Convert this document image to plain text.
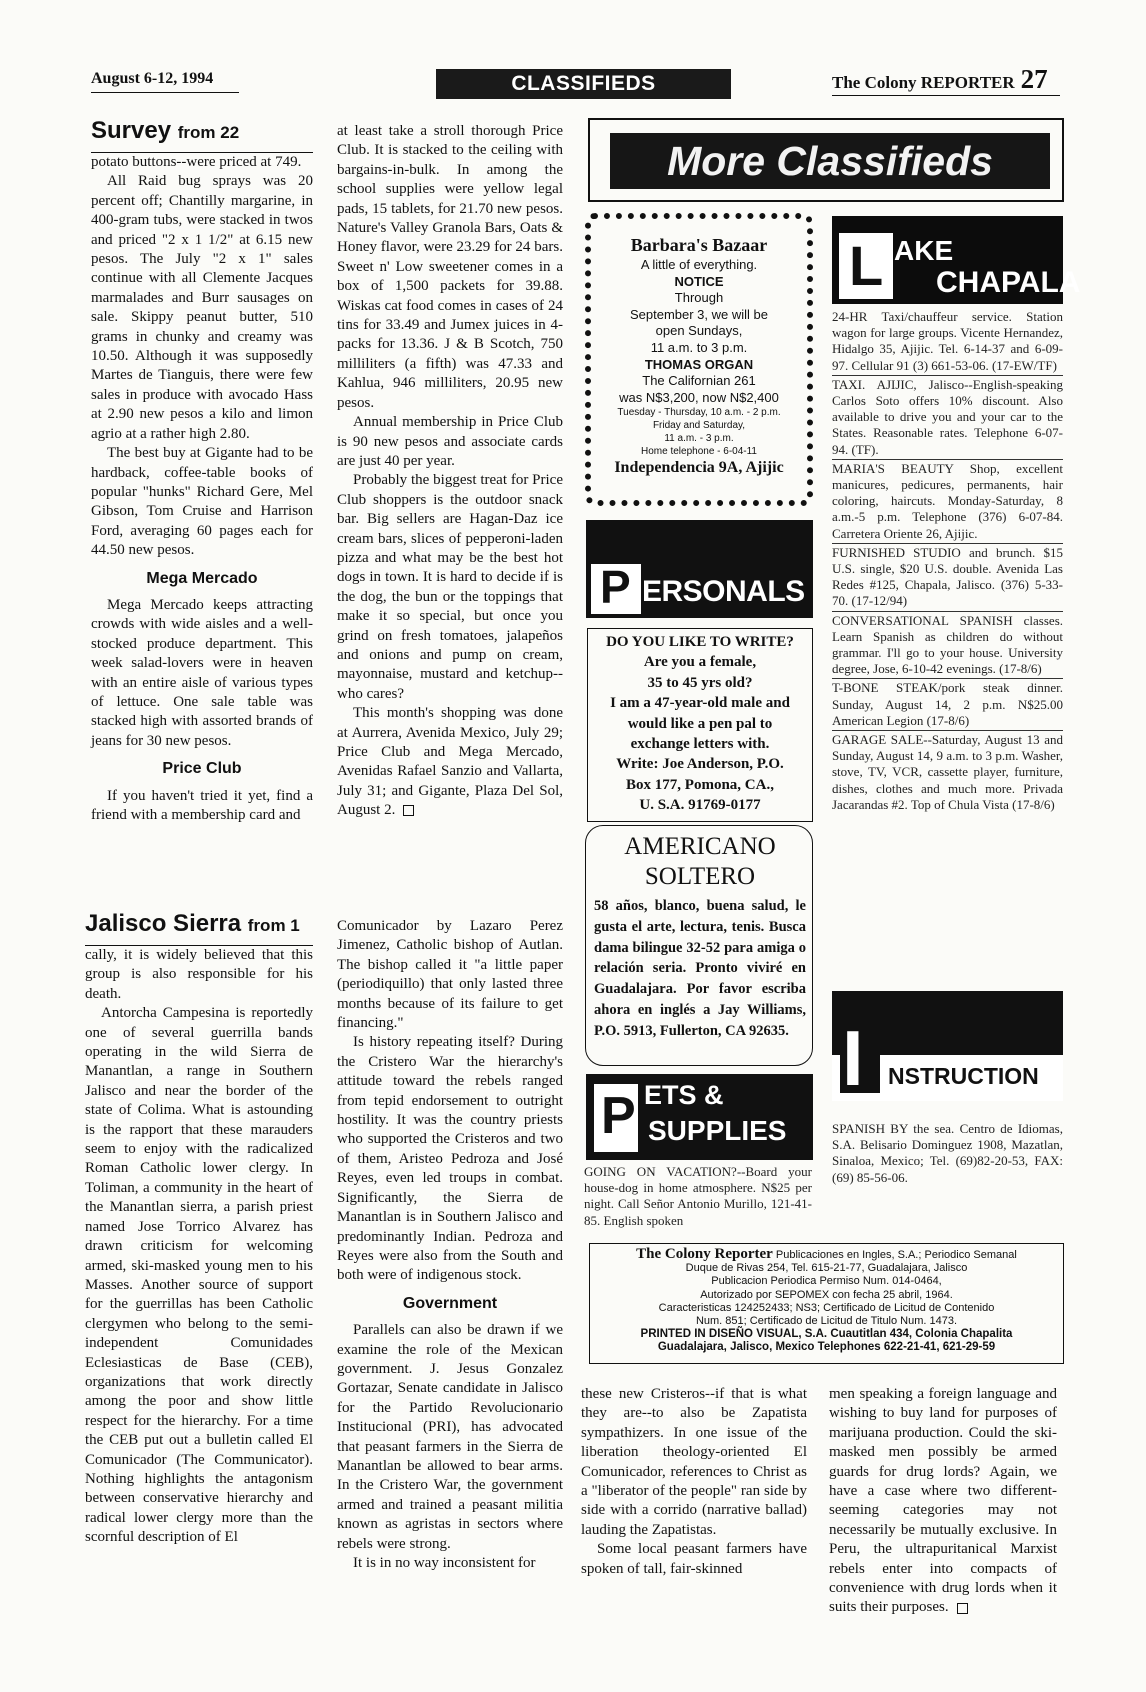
August 6-12, 1994	CLASSIFIEDS	The Colony REPORTER 27
Survey from 22

potato buttons--were priced at 749.

All Raid bug sprays was 20 percent off; Chantilly margarine, in 400-gram tubs, were stacked in twos and priced "2 x 1 1/2" at 6.15 new pesos. The July "2 x 1" sales continue with all Clemente Jacques marmalades and Burr sausages on sale. Skippy peanut butter, 510 grams in chunky and creamy was 10.50. Although it was supposedly Martes de Tianguis, there were few sales in produce with avocado Hass at 2.90 new pesos a kilo and limon agrio at a rather high 2.80.

The best buy at Gigante had to be hardback, coffee-table books of popular "hunks" Richard Gere, Mel Gibson, Tom Cruise and Harrison Ford, averaging 60 pages each for 44.50 new pesos.

Mega Mercado

Mega Mercado keeps attracting crowds with wide aisles and a well-stocked produce department. This week salad-lovers were in heaven with an entire aisle of various types of lettuce. One sale table was stacked high with assorted brands of jeans for 30 new pesos.

Price Club

If you haven't tried it yet, find a friend with a membership card and

at least take a stroll thorough Price Club. It is stacked to the ceiling with bargains-in-bulk. In among the school supplies were yellow legal pads, 15 tablets, for 21.70 new pesos. Nature's Valley Granola Bars, Oats & Honey flavor, were 23.29 for 24 bars. Sweet n' Low sweetener comes in a box of 1,500 packets for 39.88. Wiskas cat food comes in cases of 24 tins for 33.49 and Jumex juices in 4-packs for 13.36. J & B Scotch, 750 milliliters (a fifth) was 47.33 and Kahlua, 946 milliliters, 20.95 new pesos.

Annual membership in Price Club is 90 new pesos and associate cards are just 40 per year.

Probably the biggest treat for Price Club shoppers is the outdoor snack bar. Big sellers are Hagan-Daz ice cream bars, slices of pepperoni-laden pizza and what may be the best hot dogs in town. It is hard to decide if is the dog, the bun or the toppings that make it so special, but once you grind on fresh tomatoes, jalapeños and onions and pump on cream, mayonnaise, mustard and ketchup--who cares?

This month's shopping was done at Aurrera, Avenida Mexico, July 29; Price Club and Mega Mercado, Avenidas Rafael Sanzio and Vallarta, July 31; and Gigante, Plaza Del Sol, August 2.

Jalisco Sierra from 1

cally, it is widely believed that this group is also responsible for his death.

Antorcha Campesina is reportedly one of several guerrilla bands operating in the wild Sierra de Manantlan, a range in Southern Jalisco and near the border of the state of Colima. What is astounding is the rapport that these marauders seem to enjoy with the radicalized Roman Catholic lower clergy. In Toliman, a community in the heart of the Manantlan sierra, a parish priest named Jose Torrico Alvarez has drawn criticism for welcoming armed, ski-masked young men to his Masses. Another source of support for the guerrillas has been Catholic clergymen who belong to the semi-independent Comunidades Eclesiasticas de Base (CEB), organizations that work directly among the poor and show little respect for the hierarchy. For a time the CEB put out a bulletin called El Comunicador (The Communicator). Nothing highlights the antagonism between conservative hierarchy and radical lower clergy more than the scornful description of El

Comunicador by Lazaro Perez Jimenez, Catholic bishop of Autlan. The bishop called it "a little paper (periodiquillo) that only lasted three months because of its failure to get financing."

Is history repeating itself? During the Cristero War the hierarchy's attitude toward the rebels ranged from tepid endorsement to outright hostility. It was the country priests who supported the Cristeros and two of them, Aristeo Pedroza and José Reyes, even led troups in combat. Significantly, the Sierra de Manantlan is in Southern Jalisco and predominantly Indian. Pedroza and Reyes were also from the South and both were of indigenous stock.

Government

Parallels can also be drawn if we examine the role of the Mexican government. J. Jesus Gonzalez Gortazar, Senate candidate in Jalisco for the Partido Revolucionario Institucional (PRI), has advocated that peasant farmers in the Sierra de Manantlan be allowed to bear arms. In the Cristero War, the government armed and trained a peasant militia known as agristas in sectors where rebels were strong.

It is in no way inconsistent for

these new Cristeros--if that is what they are--to also be Zapatista sympathizers. In one issue of the liberation theology-oriented El Comunicador, references to Christ as a "liberator of the people" ran side by side with a corrido (narrative ballad) lauding the Zapatistas.

Some local peasant farmers have spoken of tall, fair-skinned

men speaking a foreign language and wishing to buy land for purposes of marijuana production. Could the ski-masked men possibly be armed guards for drug lords? Again, we have a case where two different-seeming categories may not necessarily be mutually exclusive. In Peru, the ultrapuritanical Marxist rebels enter into compacts of convenience with drug lords when it suits their purposes.

More Classifieds
Barbara's Bazaar
A little of everything.
NOTICE
Through
September 3, we will be
open Sundays,
11 a.m. to 3 p.m.
THOMAS ORGAN
The Californian 261
was N$3,200, now N$2,400
Tuesday - Thursday, 10 a.m. - 2 p.m.
Friday and Saturday,
11 a.m. - 3 p.m.
Home telephone - 6-04-11
Independencia 9A, Ajijic
P ERSONALS
DO YOU LIKE TO WRITE?
Are you a female,
35 to 45 yrs old?
I am a 47-year-old male and
would like a pen pal to
exchange letters with.
Write: Joe Anderson, P.O.
Box 177, Pomona, CA.,
U. S.A. 91769-0177
AMERICANO
SOLTERO
58 años, blanco, buena salud, le gusta el arte, lectura, tenis. Busca dama bilingue 32-52 para amiga o relación seria. Pronto viviré en Guadalajara. Por favor escriba ahora en inglés a Jay Williams, P.O. 5913, Fullerton, CA 92635.
P ETS &
SUPPLIES

GOING ON VACATION?--Board your house-dog in home atmosphere. N$25 per night. Call Señor Antonio Murillo, 121-41-85. English spoken

L AKE
CHAPALA

24-HR Taxi/chauffeur service. Station wagon for large groups. Vicente Hernandez, Hidalgo 35, Ajijic. Tel. 6-14-37 and 6-09-97. Cellular 91 (3) 661-53-06. (17-EW/TF)

TAXI. AJIJIC, Jalisco--English-speaking Carlos Soto offers 10% discount. Also available to drive you and your car to the States. Reasonable rates. Telephone 6-07-94. (TF).

MARIA'S BEAUTY Shop, excellent manicures, pedicures, permanents, hair coloring, haircuts. Monday-Saturday, 8 a.m.-5 p.m. Telephone (376) 6-07-84. Carretera Oriente 26, Ajijic.

FURNISHED STUDIO and brunch. $15 U.S. single, $20 U.S. double. Avenida Las Redes #125, Chapala, Jalisco. (376) 5-33-70. (17-12/94)

CONVERSATIONAL SPANISH classes. Learn Spanish as children do without grammar. I'll go to your house. University degree, Jose, 6-10-42 evenings. (17-8/6)

T-BONE STEAK/pork steak dinner. Sunday, August 14, 2 p.m. N$25.00 American Legion (17-8/6)

GARAGE SALE--Saturday, August 13 and Sunday, August 14, 9 a.m. to 3 p.m. Washer, stove, TV, VCR, cassette player, furniture, dishes, clothes and much more. Privada Jacarandas #2. Top of Chula Vista (17-8/6)

I NSTRUCTION

SPANISH BY the sea. Centro de Idiomas, S.A. Belisario Dominguez 1908, Mazatlan, Sinaloa, Mexico; Tel. (69)82-20-53, FAX: (69) 85-56-06.

The Colony Reporter Publicaciones en Ingles, S.A.; Periodico Semanal
Duque de Rivas 254, Tel. 615-21-77, Guadalajara, Jalisco
Publicacion Periodica Permiso Num. 014-0464,
Autorizado por SEPOMEX con fecha 25 abril, 1964.
Caracteristicas 124252433; NS3; Certificado de Licitud de Contenido
Num. 851; Certificado de Licitud de Titulo Num. 1473.
PRINTED IN DISEÑO VISUAL, S.A. Cuautitlan 434, Colonia Chapalita
Guadalajara, Jalisco, Mexico Telephones 622-21-41, 621-29-59
